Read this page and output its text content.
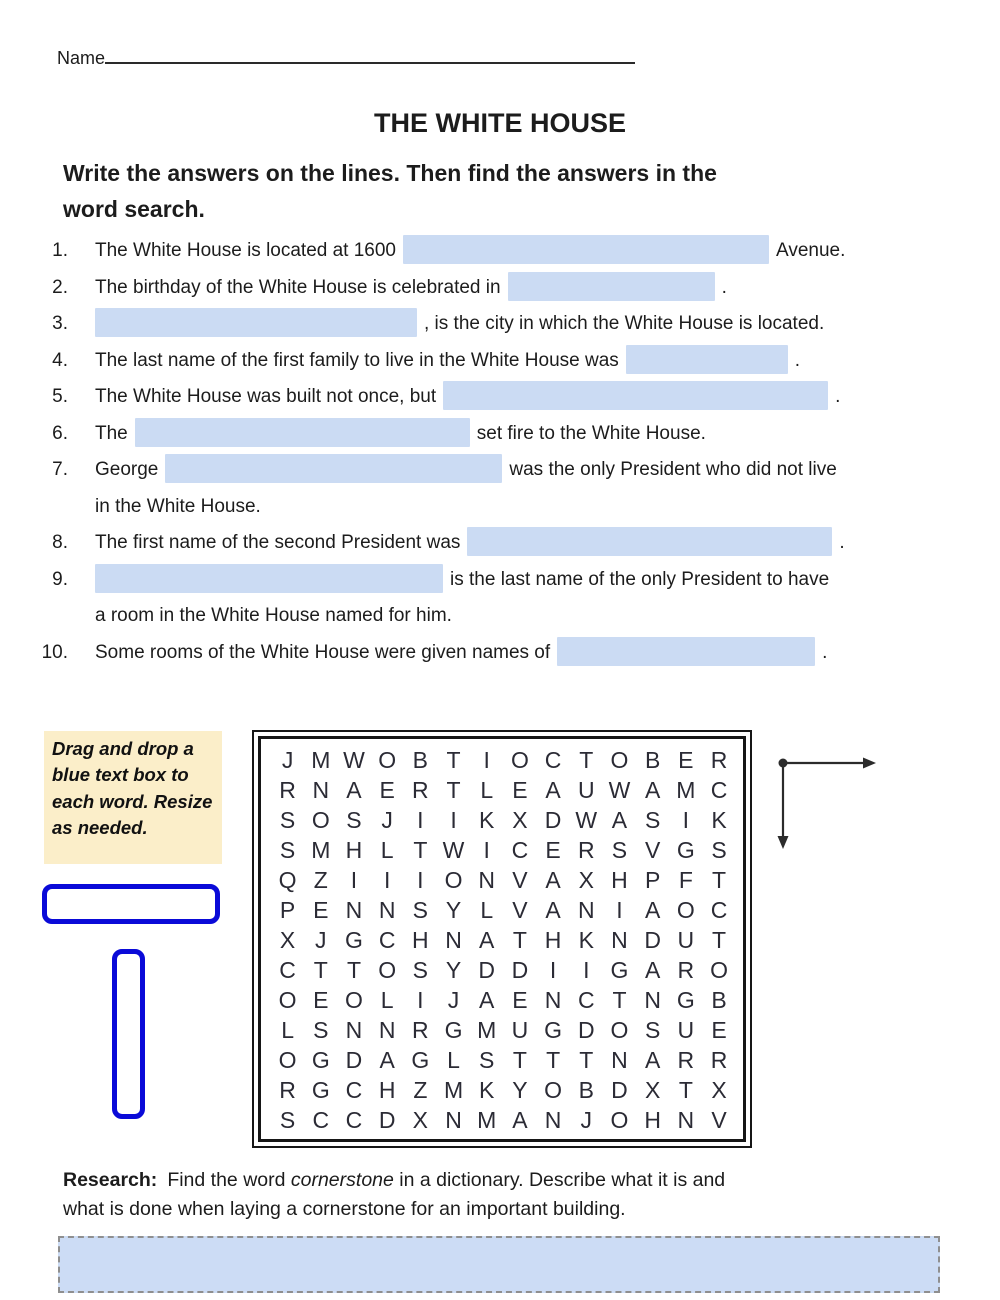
Name
THE WHITE HOUSE
Write the answers on the lines. Then find the answers in the
word search.
1.	The White House is located at 1600	Avenue.
2.	The birthday of the White House is celebrated in	.
3.	, is the city in which the White House is located.
4.	The last name of the first family to live in the White House was	.
5.	The White House was built not once, but	.
6.	The	set fire to the White House.
7.	George	was the only President who did not live
in the White House.
8.	The first name of the second President was	.
9.	is the last name of the only President to have
a room in the White House named for him.
10.	Some rooms of the White House were given names of	.
Drag and drop a blue text box to each word. Resize as needed.
J M W O B T I O C T O B E R
R N A E R T L E A U W A M C
S O S J	I	I K X D W A S I K
S M H L T W I C E R S V G S
Q Z I	I	I O N V A X H P F T
P E N N S Y L V A N I A O C
X J G C H N A T H K N D U T
C T T O S Y D D I	I G A R O
O E O L	I	J A E N C T N G B
L S N N R G M U G D O S U E
O G D A G L S T T T N A R R
R G C H Z M K Y O B D X T X
S C C D X N M A N J O H N V
Research: Find the word cornerstone in a dictionary. Describe what it is and
what is done when laying a cornerstone for an important building.
